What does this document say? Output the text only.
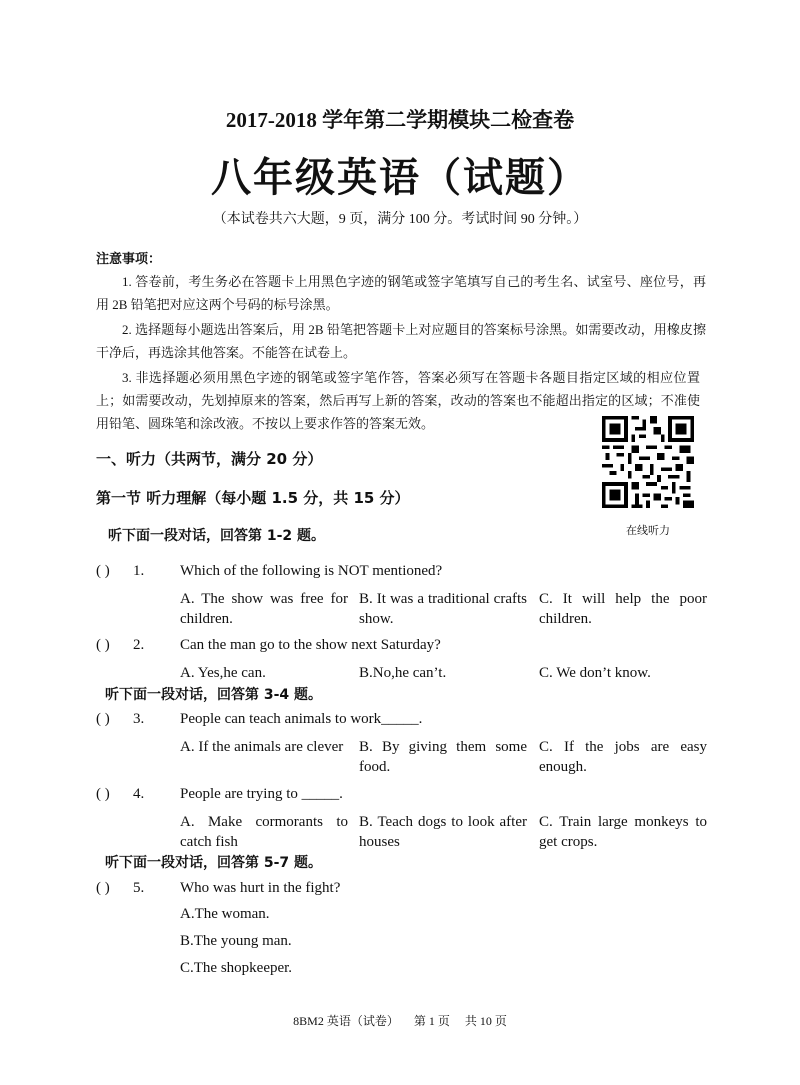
2017-2018 学年第二学期模块二检查卷
八年级英语（试题）
（本试卷共六大题，9 页，满分 100 分。考试时间 90 分钟。）
注意事项：
1. 答卷前，考生务必在答题卡上用黑色字迹的钢笔或签字笔填写自己的考生名、试室号、座位号，再用 2B 铅笔把对应这两个号码的标号涂黑。
2. 选择题每小题选出答案后，用 2B 铅笔把答题卡上对应题目的答案标号涂黑。如需要改动，用橡皮擦干净后，再选涂其他答案。不能答在试卷上。
3. 非选择题必须用黑色字迹的钢笔或签字笔作答，答案必须写在答题卡各题目指定区域的相应位置上；如需要改动，先划掉原来的答案，然后再写上新的答案，改动的答案也不能超出指定的区域；不准使用铅笔、圆珠笔和涂改液。不按以上要求作答的答案无效。
在线听力
一、听力（共两节，满分 20 分）
第一节 听力理解（每小题 1.5 分，共 15 分）
听下面一段对话，回答第 1-2 题。
( ) 1. Which of the following is NOT mentioned?
A. The show was free for children.
B. It was a traditional crafts show.
C. It will help the poor children.
( ) 2. Can the man go to the show next Saturday?
A. Yes,he can.	B.No,he can’t.	C. We don’t know.
听下面一段对话，回答第 3-4 题。
( ) 3. People can teach animals to work_____.
A. If the animals are clever	B. By giving them some food.
C. If the jobs are easy enough.
( ) 4. People are trying to _____.
A. Make cormorants to catch fish
B. Teach dogs to look after houses
C. Train large monkeys to get crops.
听下面一段对话，回答第 5-7 题。
( ) 5. Who was hurt in the fight?
A.The woman.
B.The young man.
C.The shopkeeper.
8BM2 英语（试卷） 第 1 页 共 10 页
